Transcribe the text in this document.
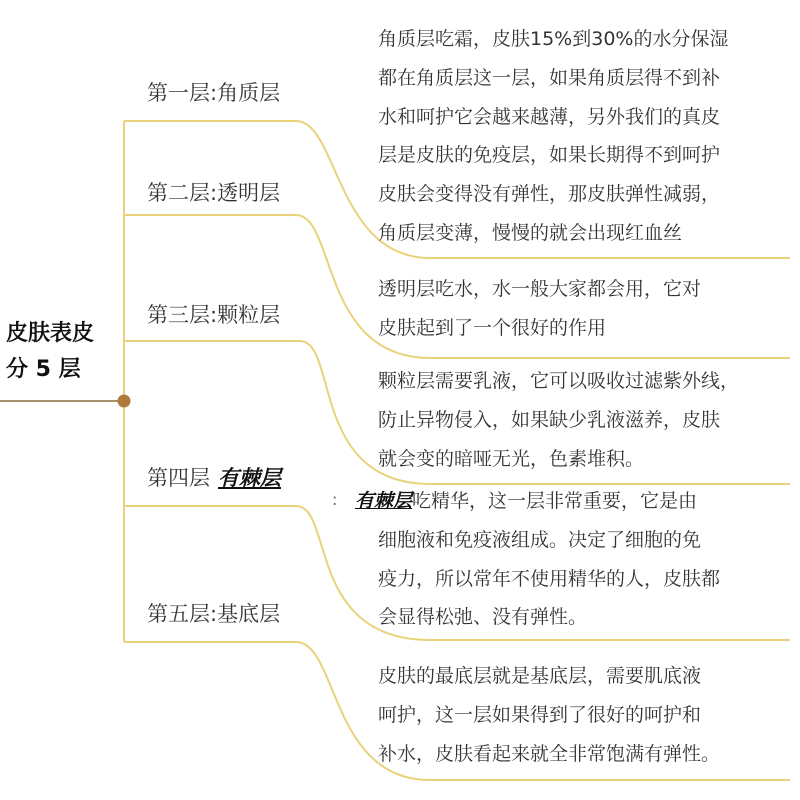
皮肤表皮
分 5 层
第一层:角质层
第二层:透明层
第三层:颗粒层
第四层 有棘层
第五层:基底层
角质层吃霜，皮肤15%到30%的水分保湿
都在角质层这一层，如果角质层得不到补
水和呵护它会越来越薄，另外我们的真皮
层是皮肤的免疫层，如果长期得不到呵护
皮肤会变得没有弹性，那皮肤弹性减弱，
角质层变薄，慢慢的就会出现红血丝
透明层吃水，水一般大家都会用，它对
皮肤起到了一个很好的作用
颗粒层需要乳液，它可以吸收过滤紫外线，
防止异物侵入，如果缺少乳液滋养，皮肤
就会变的暗哑无光，色素堆积。
: 有棘层吃精华，这一层非常重要，它是由
细胞液和免疫液组成。决定了细胞的免
疫力，所以常年不使用精华的人，皮肤都
会显得松弛、没有弹性。
皮肤的最底层就是基底层，需要肌底液
呵护，这一层如果得到了很好的呵护和
补水，皮肤看起来就全非常饱满有弹性。
